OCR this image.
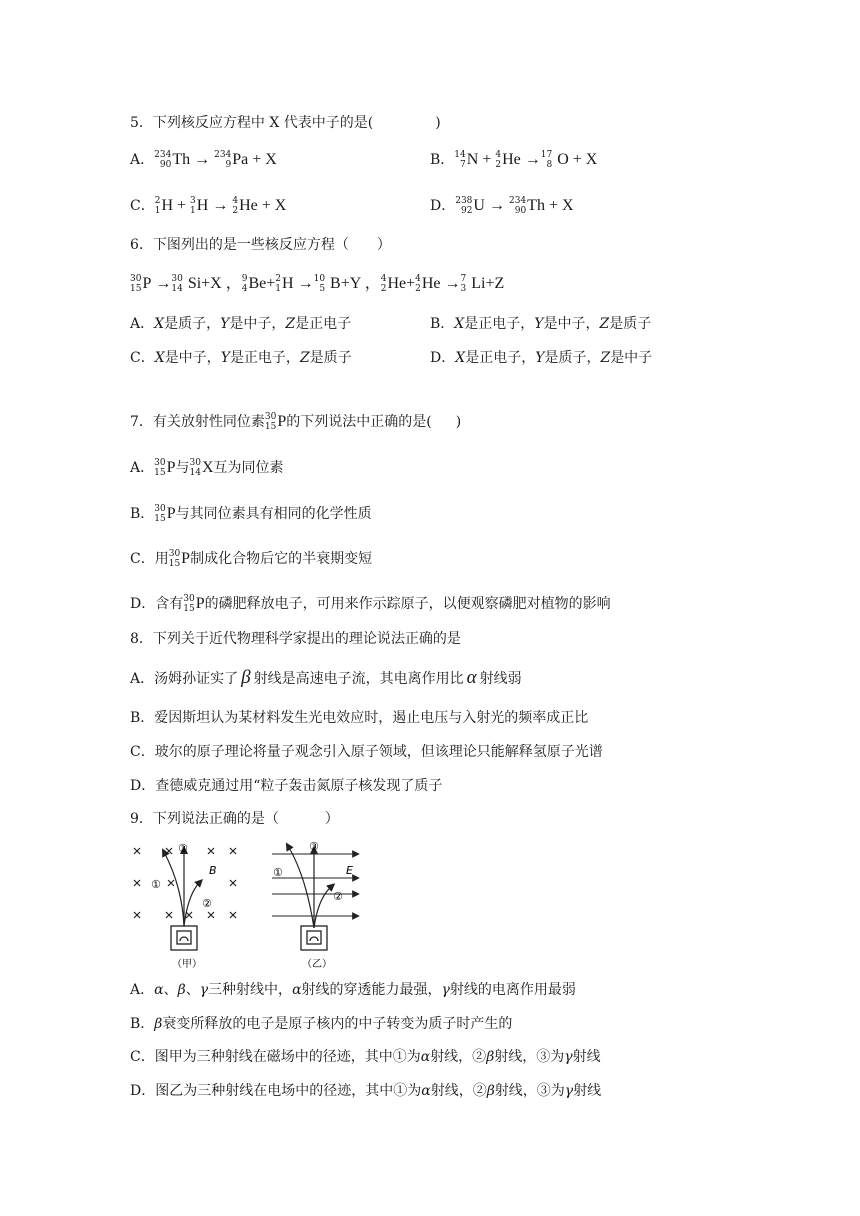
5．下列核反应方程中 X 代表中子的是(	)
A． 234
90 Th → 234
9 Pa + X	B． 14
7 N + 4
2 He → 17
8 O + X
C． 2
1 H + 3
1 H → 4
2 He + X	D． 238
92 U → 234
90 Th + X
6．下图列出的是一些核反应方程（ ）
30
15 P → 30
14 Si+X ， 9
4 Be + 2
1 H → 10
5 B+Y ， 4
2 He + 4
2 He → 7
3 Li+Z
A．X是质子，Y是中子，Z是正电子	B．X是正电子，Y是中子，Z是质子
C．X是中子，Y是正电子，Z是质子	D．X是正电子，Y是质子，Z是中子
7．有关放射性同位素 30
15 P 的下列说法中正确的是( )
A． 30
15 P 与 30
14 X 互为同位素
B． 30
15 P 与其同位素具有相同的化学性质
C．用 30
15 P 制成化合物后它的半衰期变短
D．含有 30
15 P 的磷肥释放电子，可用来作示踪原子，以便观察磷肥对植物的影响
8．下列关于近代物理科学家提出的理论说法正确的是
A．汤姆孙证实了 β 射线是高速电子流，其电离作用比 α 射线弱
B．爱因斯坦认为某材料发生光电效应时，遏止电压与入射光的频率成正比
C．玻尔的原子理论将量子观念引入原子领域，但该理论只能解释氢原子光谱
D．查德威克通过用“粒子轰击氮原子核发现了质子
9．下列说法正确的是（	）
③
①
②
B
（甲）
③
①
②
E
（乙）
A．α、β、γ三种射线中，α射线的穿透能力最强，γ射线的电离作用最弱
B．β衰变所释放的电子是原子核内的中子转变为质子时产生的
C．图甲为三种射线在磁场中的径迹，其中①为α射线，②β射线，③为γ射线
D．图乙为三种射线在电场中的径迹，其中①为α射线，②β射线，③为γ射线
